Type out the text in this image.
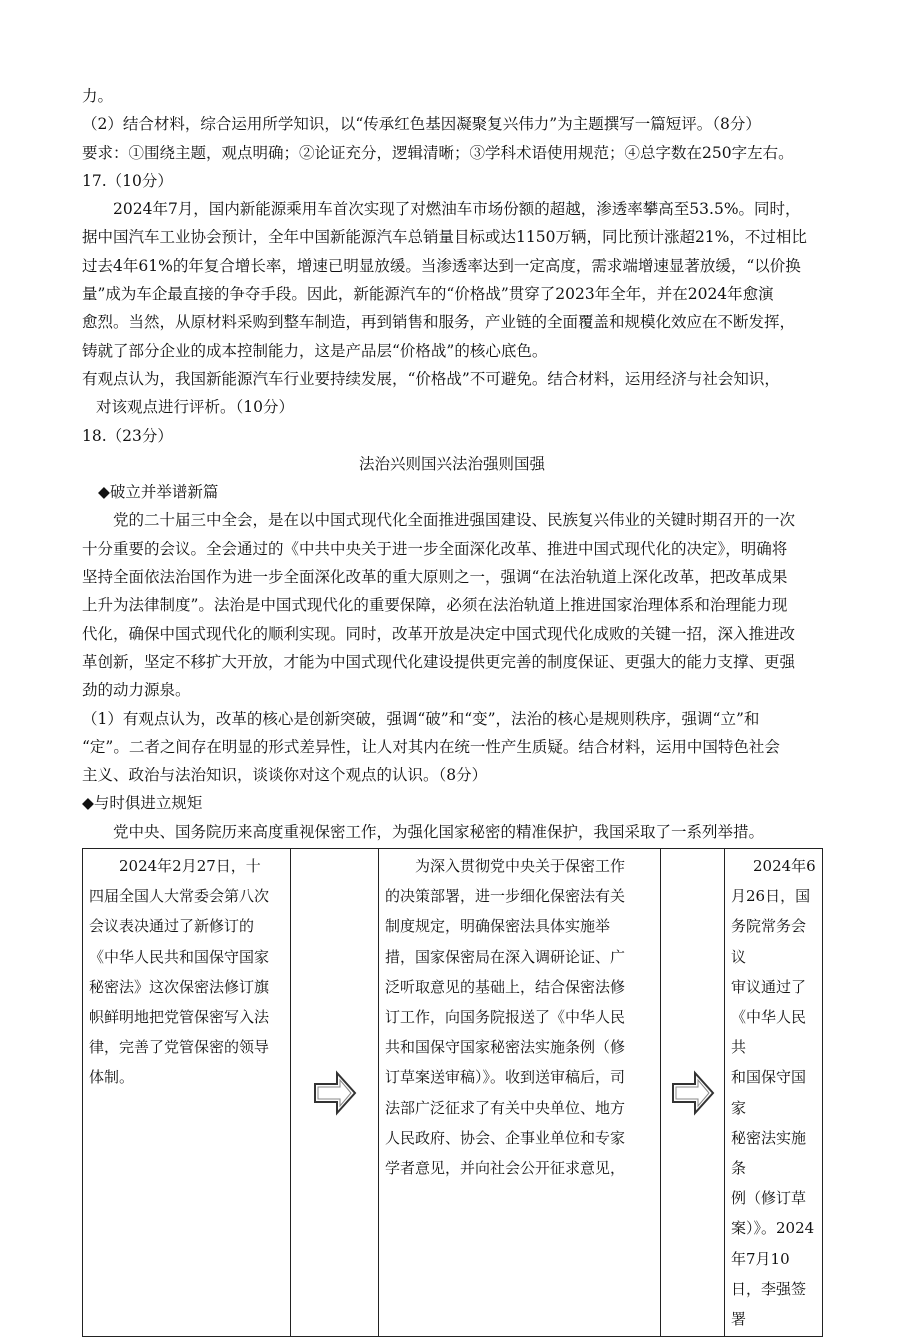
力。

（2）结合材料，综合运用所学知识，以“传承红色基因凝聚复兴伟力”为主题撰写一篇短评。（8分）

要求：①围绕主题，观点明确；②论证充分，逻辑清晰；③学科术语使用规范；④总字数在250字左右。

17.（10分）

2024年7月，国内新能源乘用车首次实现了对燃油车市场份额的超越，渗透率攀高至53.5%。同时，

据中国汽车工业协会预计，全年中国新能源汽车总销量目标或达1150万辆，同比预计涨超21%，不过相比

过去4年61%的年复合增长率，增速已明显放缓。当渗透率达到一定高度，需求端增速显著放缓，“以价换

量”成为车企最直接的争夺手段。因此，新能源汽车的“价格战”贯穿了2023年全年，并在2024年愈演

愈烈。当然，从原材料采购到整车制造，再到销售和服务，产业链的全面覆盖和规模化效应在不断发挥，

铸就了部分企业的成本控制能力，这是产品层“价格战”的核心底色。

有观点认为，我国新能源汽车行业要持续发展，“价格战”不可避免。结合材料，运用经济与社会知识，

对该观点进行评析。（10分）

18.（23分）

法治兴则国兴法治强则国强

◆破立并举谱新篇

党的二十届三中全会，是在以中国式现代化全面推进强国建设、民族复兴伟业的关键时期召开的一次

十分重要的会议。全会通过的《中共中央关于进一步全面深化改革、推进中国式现代化的决定》，明确将

坚持全面依法治国作为进一步全面深化改革的重大原则之一，强调“在法治轨道上深化改革，把改革成果

上升为法律制度”。法治是中国式现代化的重要保障，必须在法治轨道上推进国家治理体系和治理能力现

代化，确保中国式现代化的顺利实现。同时，改革开放是决定中国式现代化成败的关键一招，深入推进改

革创新，坚定不移扩大开放，才能为中国式现代化建设提供更完善的制度保证、更强大的能力支撑、更强

劲的动力源泉。

（1）有观点认为，改革的核心是创新突破，强调“破”和“变”，法治的核心是规则秩序，强调“立”和

“定”。二者之间存在明显的形式差异性，让人对其内在统一性产生质疑。结合材料，运用中国特色社会

主义、政治与法治知识，谈谈你对这个观点的认识。（8分）

◆与时俱进立规矩

党中央、国务院历来高度重视保密工作，为强化国家秘密的精准保护，我国采取了一系列举措。

2024年2月27日，十
四届全国人大常委会第八次
会议表决通过了新修订的
《中华人民共和国保守国家
秘密法》这次保密法修订旗
帜鲜明地把党管保密写入法
律，完善了党管保密的领导
体制。

为深入贯彻党中央关于保密工作
的决策部署，进一步细化保密法有关
制度规定，明确保密法具体实施举
措，国家保密局在深入调研论证、广
泛听取意见的基础上，结合保密法修
订工作，向国务院报送了《中华人民
共和国保守国家秘密法实施条例（修
订草案送审稿）》。收到送审稿后，司
法部广泛征求了有关中央单位、地方
人民政府、协会、企事业单位和专家
学者意见，并向社会公开征求意见，

2024年6
月26日，国
务院常务会议
审议通过了
《中华人民共
和国保守国家
秘密法实施条
例（修订草
案）》。2024
年7月10
日，李强签署
